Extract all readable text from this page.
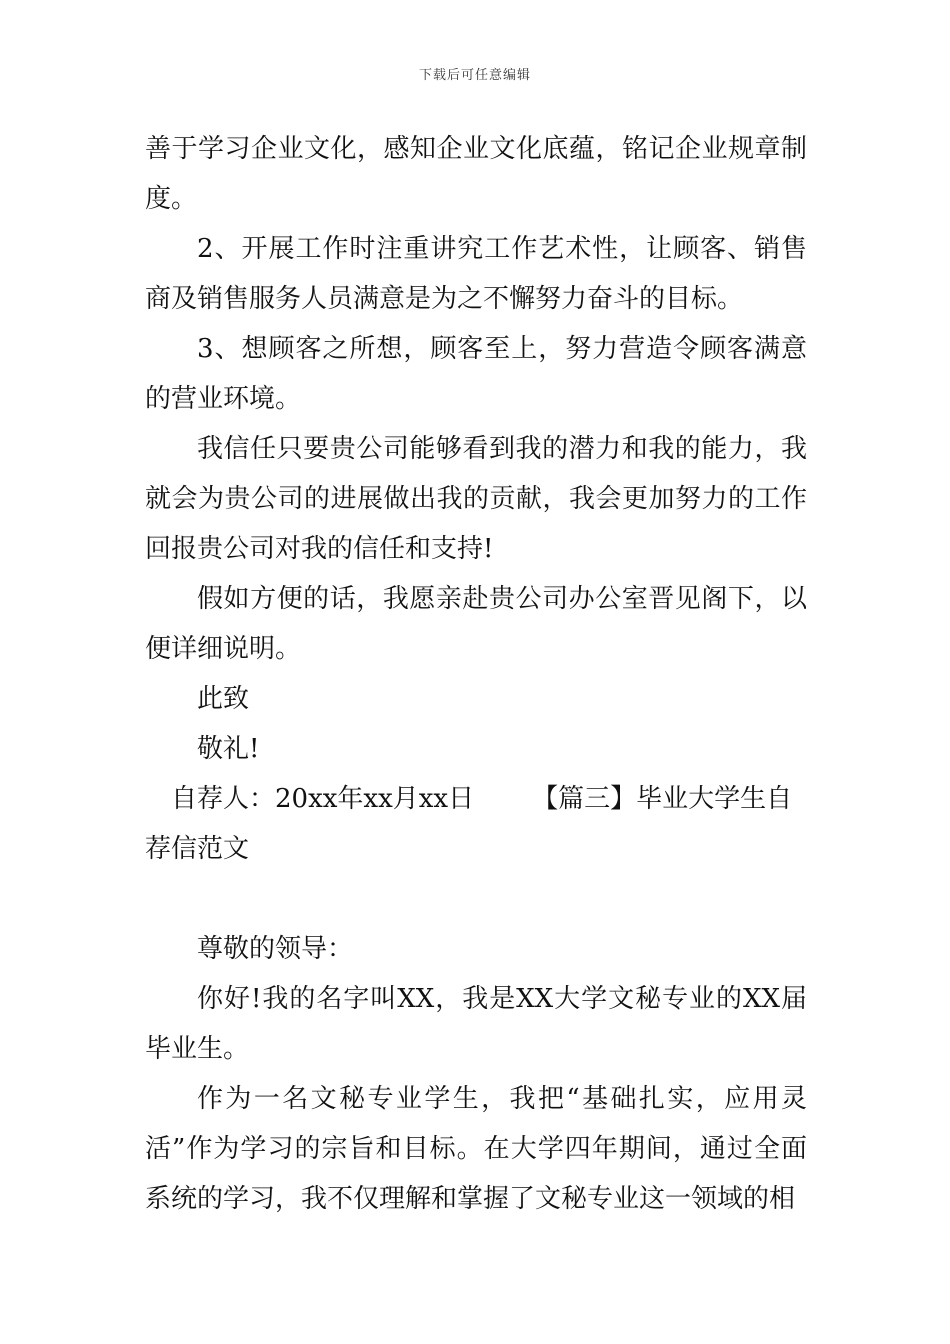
下载后可任意编辑

善于学习企业文化，感知企业文化底蕴，铭记企业规章制度。

2、开展工作时注重讲究工作艺术性，让顾客、销售商及销售服务人员满意是为之不懈努力奋斗的目标。

3、想顾客之所想，顾客至上，努力营造令顾客满意的营业环境。

我信任只要贵公司能够看到我的潜力和我的能力，我就会为贵公司的进展做出我的贡献，我会更加努力的工作回报贵公司对我的信任和支持!

假如方便的话，我愿亲赴贵公司办公室晋见阁下，以便详细说明。

此致

敬礼!

自荐人：20xx年xx月xx日 【篇三】毕业大学生自荐信范文

尊敬的领导：

你好!我的名字叫XX，我是XX大学文秘专业的XX届毕业生。

作为一名文秘专业学生，我把“基础扎实，应用灵活”作为学习的宗旨和目标。在大学四年期间，通过全面系统的学习，我不仅理解和掌握了文秘专业这一领域的相
